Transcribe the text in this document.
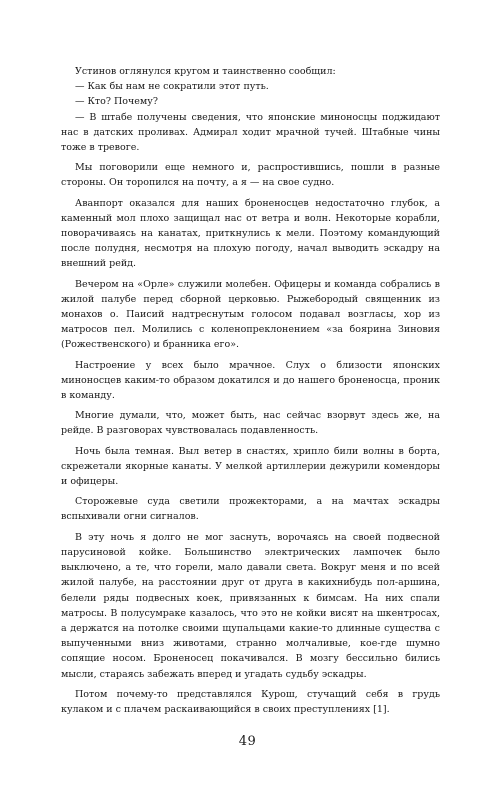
Устинов оглянулся кругом и таинственно сообщил:

— Как бы нам не сократили этот путь.

— Кто? Почему?

— В штабе получены сведения, что японские миноносцы поджидают нас в датских проливах. Адмирал ходит мрачной тучей. Штабные чины тоже в тревоге.

Мы поговорили еще немного и, распростившись, пошли в разные стороны. Он торопился на почту, а я — на свое судно.

Аванпорт оказался для наших броненосцев недостаточно глубок, а каменный мол плохо защищал нас от ветра и волн. Некоторые корабли, поворачиваясь на канатах, приткнулись к мели. Поэтому командующий после полудня, несмотря на плохую погоду, начал выводить эскадру на внешний рейд.

Вечером на «Орле» служили молебен. Офицеры и команда собрались в жилой палубе перед сборной церковью. Рыжебородый священник из монахов о. Паисий надтреснутым голосом подавал возгласы, хор из матросов пел. Молились с коленопреклонением «за боярина Зиновия (Рожественского) и бранника его».

Настроение у всех было мрачное. Слух о близости японских миноносцев каким-то образом докатился и до нашего броненосца, проник в команду.

Многие думали, что, может быть, нас сейчас взорвут здесь же, на рейде. В разговорах чувствовалась подавленность.

Ночь была темная. Выл ветер в снастях, хрипло били волны в борта, скрежетали якорные канаты. У мелкой артиллерии дежурили комендоры и офицеры.

Сторожевые суда светили прожекторами, а на мачтах эскадры вспыхивали огни сигналов.

В эту ночь я долго не мог заснуть, ворочаясь на своей подвесной парусиновой койке. Большинство электрических лампочек было выключено, а те, что горели, мало давали света. Вокруг меня и по всей жилой палубе, на расстоянии друг от друга в какихнибудь пол-аршина, белели ряды подвесных коек, привязанных к бимсам. На них спали матросы. В полусумраке казалось, что это не койки висят на шкентросах, а держатся на потолке своими щупальцами какие-то длинные существа с выпученными вниз животами, странно молчаливые, кое-где шумно сопящие носом. Броненосец покачивался. В мозгу бессильно бились мысли, стараясь забежать вперед и угадать судьбу эскадры.

Потом почему-то представлялся Курош, стучащий себя в грудь кулаком и с плачем раскаивающийся в своих преступлениях [1].

49
